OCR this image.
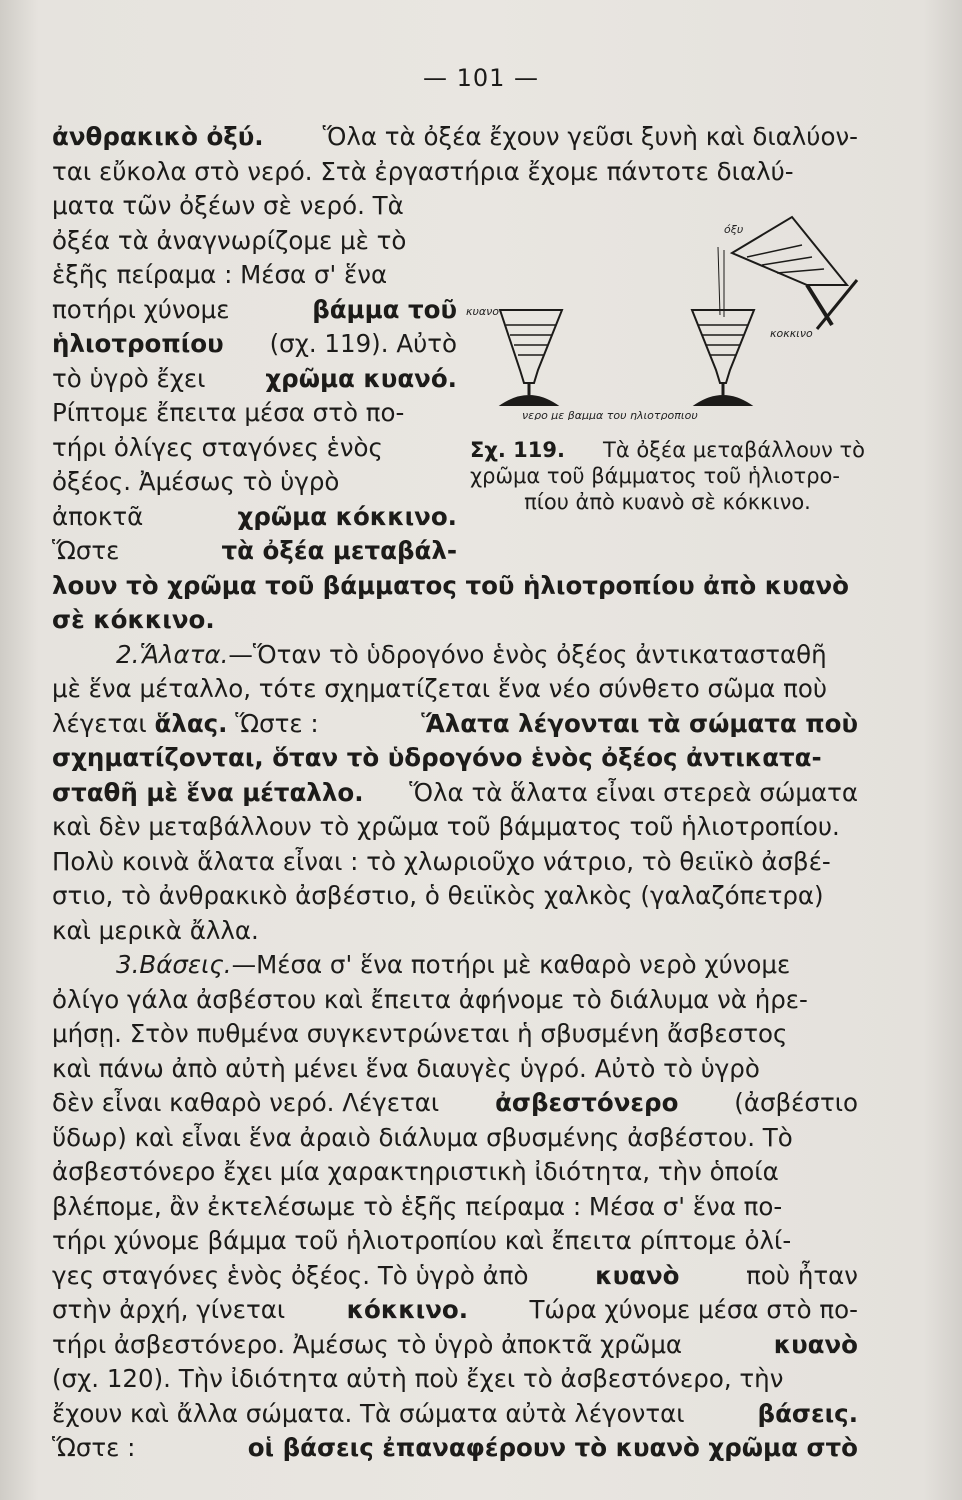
— 101 —
ἀνθρακικὸ ὀξύ. Ὅλα τὰ ὀξέα ἔχουν γεῦσι ξυνὴ καὶ διαλύον-
ται εὔκολα στὸ νερό. Στὰ ἐργαστήρια ἔχομε πάντοτε διαλύ-
ματα τῶν ὀξέων σὲ νερό. Τὰ
ὀξέα τὰ ἀναγνωρίζομε μὲ τὸ
ἑξῆς πείραμα : Μέσα σ' ἕνα
ποτήρι χύνομε	βάμμα τοῦ
ἡλιοτροπίου (σχ. 119). Αὐτὸ
τὸ ὑγρὸ ἔχει χρῶμα κυανό.
Ρίπτομε ἔπειτα μέσα στὸ πο-
τήρι ὀλίγες σταγόνες ἑνὸς
ὀξέος. Ἀμέσως τὸ ὑγρὸ
ἀποκτᾶ	χρῶμα κόκκινο.
Ὥστε	τὰ ὀξέα μεταβάλ-
λουν τὸ χρῶμα τοῦ βάμματος τοῦ ἡλιοτροπίου ἀπὸ κυανὸ
σὲ κόκκινο.
2. Ἅλατα.—Ὅταν τὸ ὑδρογόνο ἑνὸς ὀξέος ἀντικατασταθῆ
μὲ ἕνα μέταλλο, τότε σχηματίζεται ἕνα νέο σύνθετο σῶμα ποὺ
λέγεται ἅλας. Ὥστε :	Ἅλατα λέγονται τὰ σώματα ποὺ
σχηματίζονται, ὅταν τὸ ὑδρογόνο ἑνὸς ὀξέος ἀντικατα-
σταθῆ μὲ ἕνα μέταλλο. Ὅλα τὰ ἅλατα εἶναι στερεὰ σώματα
καὶ δὲν μεταβάλλουν τὸ χρῶμα τοῦ βάμματος τοῦ ἡλιοτροπίου.
Πολὺ κοινὰ ἅλατα εἶναι : τὸ χλωριοῦχο νάτριο, τὸ θειϊκὸ ἀσβέ-
στιο, τὸ ἀνθρακικὸ ἀσβέστιο, ὁ θειϊκὸς χαλκὸς (γαλαζόπετρα)
καὶ μερικὰ ἄλλα.
3. Βάσεις.—Μέσα σ' ἕνα ποτήρι μὲ καθαρὸ νερὸ χύνομε
ὀλίγο γάλα ἀσβέστου καὶ ἔπειτα ἀφήνομε τὸ διάλυμα νὰ ἠρε-
μήσῃ. Στὸν πυθμένα συγκεντρώνεται ἡ σβυσμένη ἄσβεστος
καὶ πάνω ἀπὸ αὐτὴ μένει ἕνα διαυγὲς ὑγρό. Αὐτὸ τὸ ὑγρὸ
δὲν εἶναι καθαρὸ νερό. Λέγεται ἀσβεστόνερο (ἀσβέστιο
ὕδωρ) καὶ εἶναι ἕνα ἀραιὸ διάλυμα σβυσμένης ἀσβέστου. Τὸ
ἀσβεστόνερο ἔχει μία χαρακτηριστικὴ ἰδιότητα, τὴν ὁποία
βλέπομε, ἂν ἐκτελέσωμε τὸ ἑξῆς πείραμα : Μέσα σ' ἕνα πο-
τήρι χύνομε βάμμα τοῦ ἡλιοτροπίου καὶ ἔπειτα ρίπτομε ὀλί-
γες σταγόνες ἑνὸς ὀξέος. Τὸ ὑγρὸ ἀπὸ	κυανὸ	ποὺ ἦταν
στὴν ἀρχή, γίνεται	κόκκινο.	Τώρα χύνομε μέσα στὸ πο-
τήρι ἀσβεστόνερο. Ἀμέσως τὸ ὑγρὸ ἀποκτᾶ χρῶμα	κυανὸ
(σχ. 120). Τὴν ἰδιότητα αὐτὴ ποὺ ἔχει τὸ ἀσβεστόνερο, τὴν
ἔχουν καὶ ἄλλα σώματα. Τὰ σώματα αὐτὰ λέγονται	βάσεις.
Ὥστε :	οἱ βάσεις ἐπαναφέρουν τὸ κυανὸ χρῶμα στὸ
όξυ
κυανο
κοκκινο
νερο με βαμμα του ηλιοτροπιου
Σχ. 119. Τὰ ὀξέα μεταβάλλουν τὸ
χρῶμα τοῦ βάμματος τοῦ ἡλιοτρο-
πίου ἀπὸ κυανὸ σὲ κόκκινο.
